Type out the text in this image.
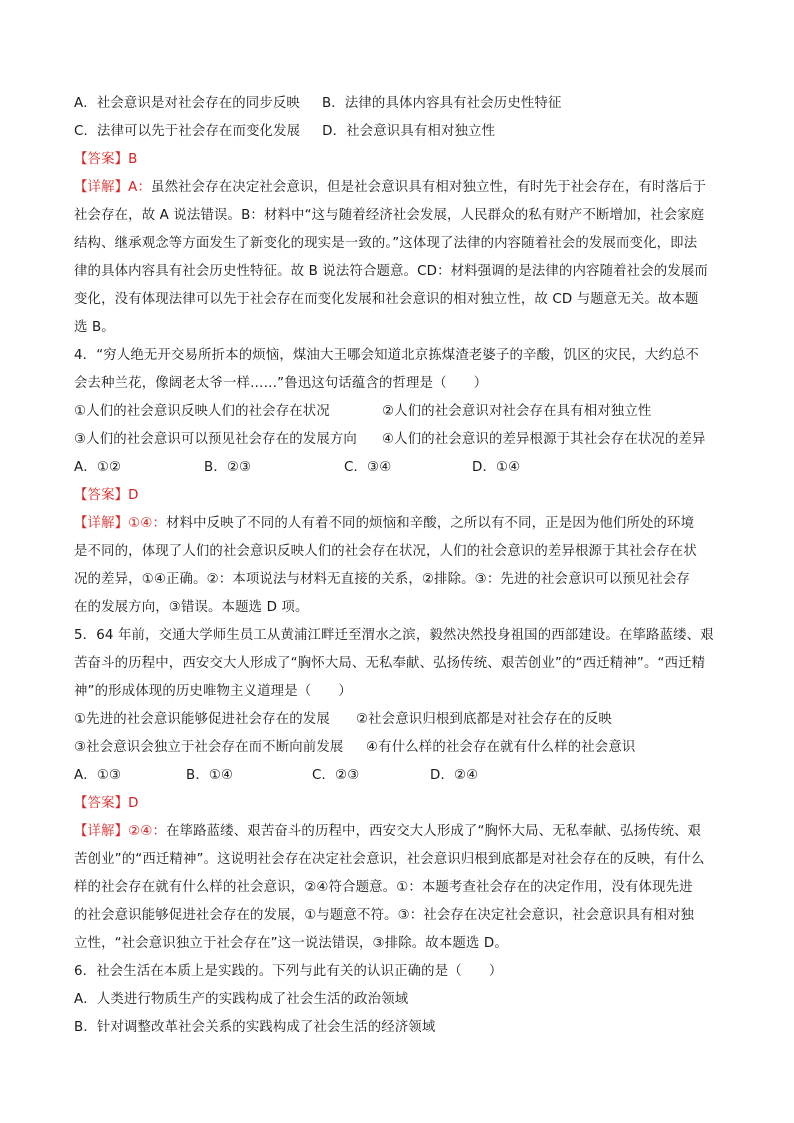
A．社会意识是对社会存在的同步反映 B．法律的具体内容具有社会历史性特征
C．法律可以先于社会存在而变化发展 D．社会意识具有相对独立性
【答案】B
【详解】A：虽然社会存在决定社会意识，但是社会意识具有相对独立性，有时先于社会存在，有时落后于
社会存在，故 A 说法错误。B：材料中“这与随着经济社会发展，人民群众的私有财产不断增加，社会家庭
结构、继承观念等方面发生了新变化的现实是一致的。”这体现了法律的内容随着社会的发展而变化，即法
律的具体内容具有社会历史性特征。故 B 说法符合题意。CD：材料强调的是法律的内容随着社会的发展而
变化，没有体现法律可以先于社会存在而变化发展和社会意识的相对独立性，故 CD 与题意无关。故本题
选 B。
4．“穷人绝无开交易所折本的烦恼，煤油大王哪会知道北京拣煤渣老婆子的辛酸，饥区的灾民，大约总不
会去种兰花，像阔老太爷一样……”鲁迅这句话蕴含的哲理是（　　）
①人们的社会意识反映人们的社会存在状况	②人们的社会意识对社会存在具有相对独立性
③人们的社会意识可以预见社会存在的发展方向 ④人们的社会意识的差异根源于其社会存在状况的差异
A．①②	B．②③	C．③④	D．①④
【答案】D
【详解】①④：材料中反映了不同的人有着不同的烦恼和辛酸，之所以有不同，正是因为他们所处的环境
是不同的，体现了人们的社会意识反映人们的社会存在状况，人们的社会意识的差异根源于其社会存在状
况的差异，①④正确。②：本项说法与材料无直接的关系，②排除。③：先进的社会意识可以预见社会存
在的发展方向，③错误。本题选 D 项。
5．64 年前，交通大学师生员工从黄浦江畔迁至渭水之滨，毅然决然投身祖国的西部建设。在筚路蓝缕、艰
苦奋斗的历程中，西安交大人形成了“胸怀大局、无私奉献、弘扬传统、艰苦创业”的“西迁精神”。“西迁精
神”的形成体现的历史唯物主义道理是（　　）
①先进的社会意识能够促进社会存在的发展 ②社会意识归根到底都是对社会存在的反映
③社会意识会独立于社会存在而不断向前发展 ④有什么样的社会存在就有什么样的社会意识
A．①③	B．①④	C．②③	D．②④
【答案】D
【详解】②④：在筚路蓝缕、艰苦奋斗的历程中，西安交大人形成了“胸怀大局、无私奉献、弘扬传统、艰
苦创业”的“西迁精神”。这说明社会存在决定社会意识，社会意识归根到底都是对社会存在的反映，有什么
样的社会存在就有什么样的社会意识，②④符合题意。①：本题考查社会存在的决定作用，没有体现先进
的社会意识能够促进社会存在的发展，①与题意不符。③：社会存在决定社会意识，社会意识具有相对独
立性，“社会意识独立于社会存在”这一说法错误，③排除。故本题选 D。
6．社会生活在本质上是实践的。下列与此有关的认识正确的是（　　）
A．人类进行物质生产的实践构成了社会生活的政治领域
B．针对调整改革社会关系的实践构成了社会生活的经济领域
